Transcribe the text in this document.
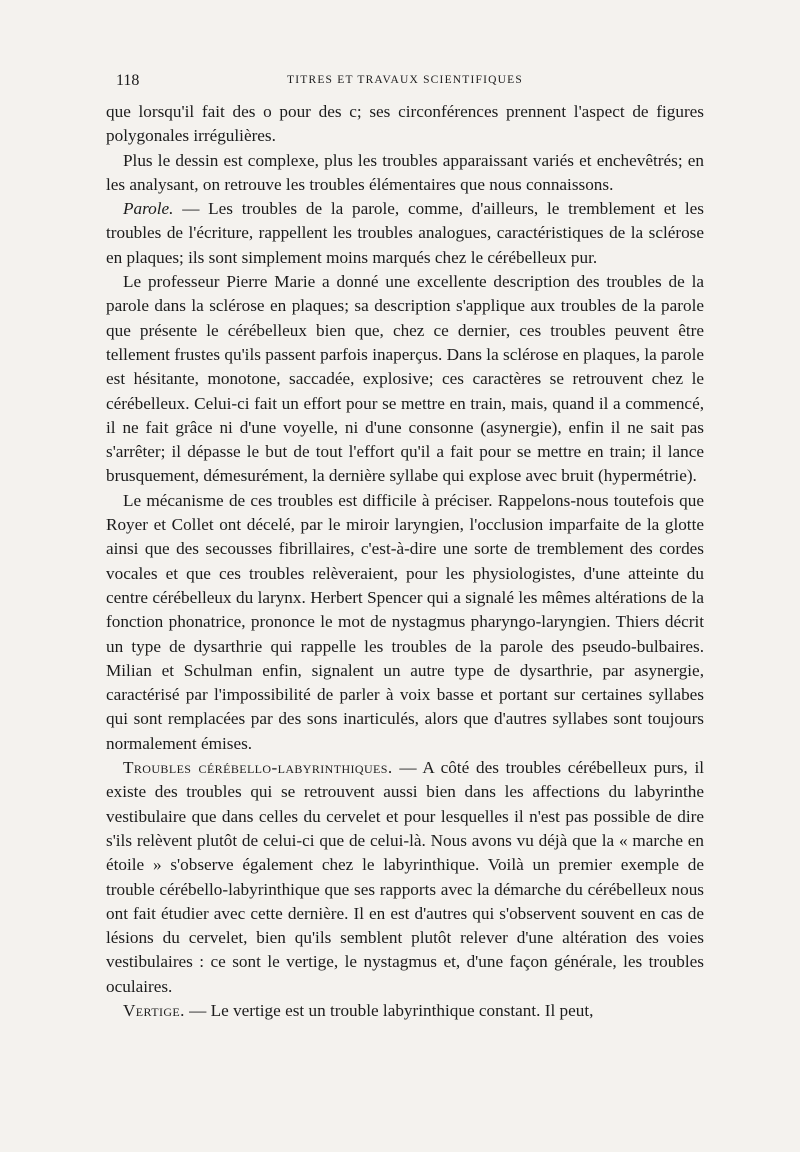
118	TITRES ET TRAVAUX SCIENTIFIQUES

que lorsqu'il fait des o pour des c; ses circonférences prennent l'aspect de figures polygonales irrégulières.

Plus le dessin est complexe, plus les troubles apparaissant variés et enchevêtrés; en les analysant, on retrouve les troubles élémentaires que nous connaissons.

Parole. — Les troubles de la parole, comme, d'ailleurs, le tremblement et les troubles de l'écriture, rappellent les troubles analogues, caractéristiques de la sclérose en plaques; ils sont simplement moins marqués chez le cérébelleux pur.

Le professeur Pierre Marie a donné une excellente description des troubles de la parole dans la sclérose en plaques; sa description s'applique aux troubles de la parole que présente le cérébelleux bien que, chez ce dernier, ces troubles peuvent être tellement frustes qu'ils passent parfois inaperçus. Dans la sclérose en plaques, la parole est hésitante, monotone, saccadée, explosive; ces caractères se retrouvent chez le cérébelleux. Celui-ci fait un effort pour se mettre en train, mais, quand il a commencé, il ne fait grâce ni d'une voyelle, ni d'une consonne (asynergie), enfin il ne sait pas s'arrêter; il dépasse le but de tout l'effort qu'il a fait pour se mettre en train; il lance brusquement, démesurément, la dernière syllabe qui explose avec bruit (hypermétrie).

Le mécanisme de ces troubles est difficile à préciser. Rappelons-nous toutefois que Royer et Collet ont décelé, par le miroir laryngien, l'occlusion imparfaite de la glotte ainsi que des secousses fibrillaires, c'est-à-dire une sorte de tremblement des cordes vocales et que ces troubles relèveraient, pour les physiologistes, d'une atteinte du centre cérébelleux du larynx. Herbert Spencer qui a signalé les mêmes altérations de la fonction phonatrice, prononce le mot de nystagmus pharyngo-laryngien. Thiers décrit un type de dysarthrie qui rappelle les troubles de la parole des pseudo-bulbaires. Milian et Schulman enfin, signalent un autre type de dysarthrie, par asynergie, caractérisé par l'impossibilité de parler à voix basse et portant sur certaines syllabes qui sont remplacées par des sons inarticulés, alors que d'autres syllabes sont toujours normalement émises.

Troubles cérébello-labyrinthiques. — A côté des troubles cérébelleux purs, il existe des troubles qui se retrouvent aussi bien dans les affections du labyrinthe vestibulaire que dans celles du cervelet et pour lesquelles il n'est pas possible de dire s'ils relèvent plutôt de celui-ci que de celui-là. Nous avons vu déjà que la « marche en étoile » s'observe également chez le labyrinthique. Voilà un premier exemple de trouble cérébello-labyrinthique que ses rapports avec la démarche du cérébelleux nous ont fait étudier avec cette dernière. Il en est d'autres qui s'observent souvent en cas de lésions du cervelet, bien qu'ils semblent plutôt relever d'une altération des voies vestibulaires : ce sont le vertige, le nystagmus et, d'une façon générale, les troubles oculaires.

Vertige. — Le vertige est un trouble labyrinthique constant. Il peut,
